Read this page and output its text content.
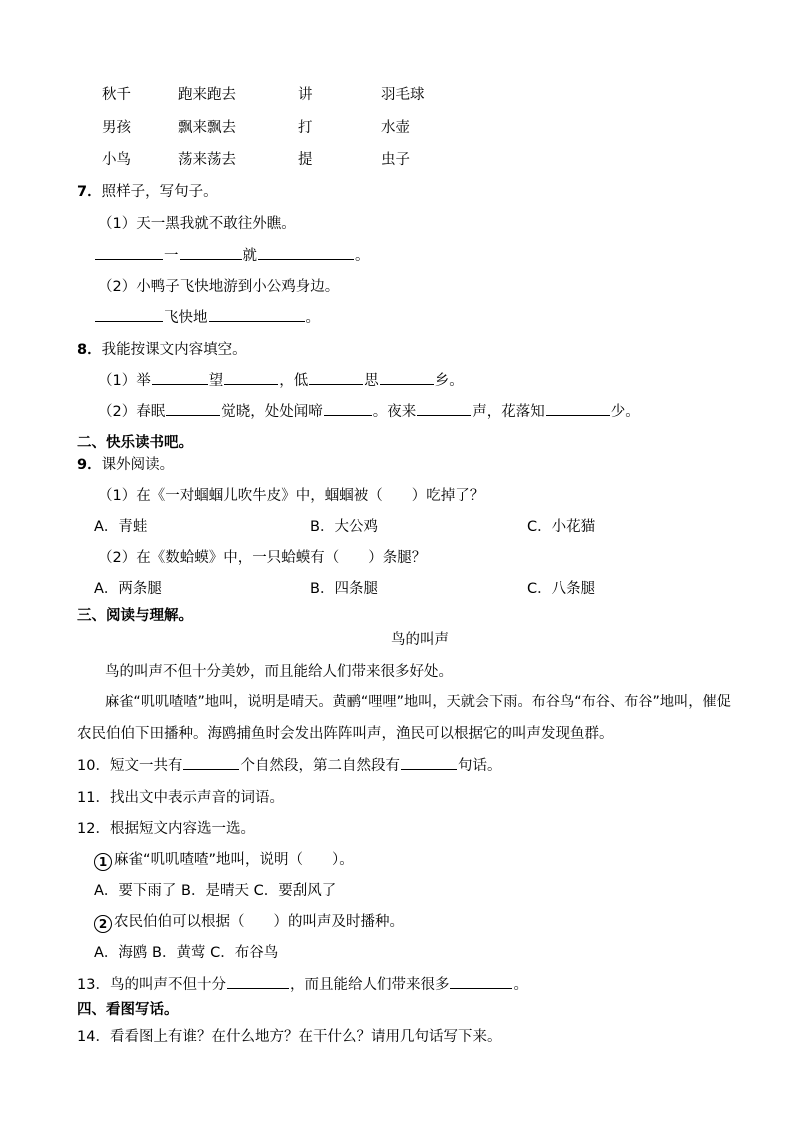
秋千	跑来跑去	讲	羽毛球
男孩	飘来飘去	打	水壶
小鸟	荡来荡去	提	虫子
7．照样子，写句子。
（1）天一黑我就不敢往外瞧。
一	就	。
（2）小鸭子飞快地游到小公鸡身边。
飞快地	。
8．我能按课文内容填空。
（1）举	望	，低	思	乡。
（2）春眠	觉晓，处处闻啼	。夜来	声，花落知	少。
二、快乐读书吧。
9．课外阅读。
（1）在《一对蝈蝈儿吹牛皮》中，蝈蝈被（　　）吃掉了？
A．青蛙	B．大公鸡	C．小花猫
（2）在《数蛤蟆》中，一只蛤蟆有（　　）条腿？
A．两条腿	B．四条腿	C．八条腿
三、阅读与理解。
鸟的叫声
鸟的叫声不但十分美妙，而且能给人们带来很多好处。
麻雀“叽叽喳喳”地叫，说明是晴天。黄鹂“哩哩”地叫，天就会下雨。布谷鸟“布谷、布谷”地叫，催促
农民伯伯下田播种。海鸥捕鱼时会发出阵阵叫声，渔民可以根据它的叫声发现鱼群。
10．短文一共有	个自然段，第二自然段有	句话。
11．找出文中表示声音的词语。
12．根据短文内容选一选。
1 麻雀“叽叽喳喳”地叫，说明（　　）。
A．要下雨了 B．是晴天 C．要刮风了
2 农民伯伯可以根据（　　）的叫声及时播种。
A．海鸥 B．黄莺 C．布谷鸟
13．鸟的叫声不但十分	，而且能给人们带来很多	。
四、看图写话。
14．看看图上有谁？在什么地方？在干什么？请用几句话写下来。
